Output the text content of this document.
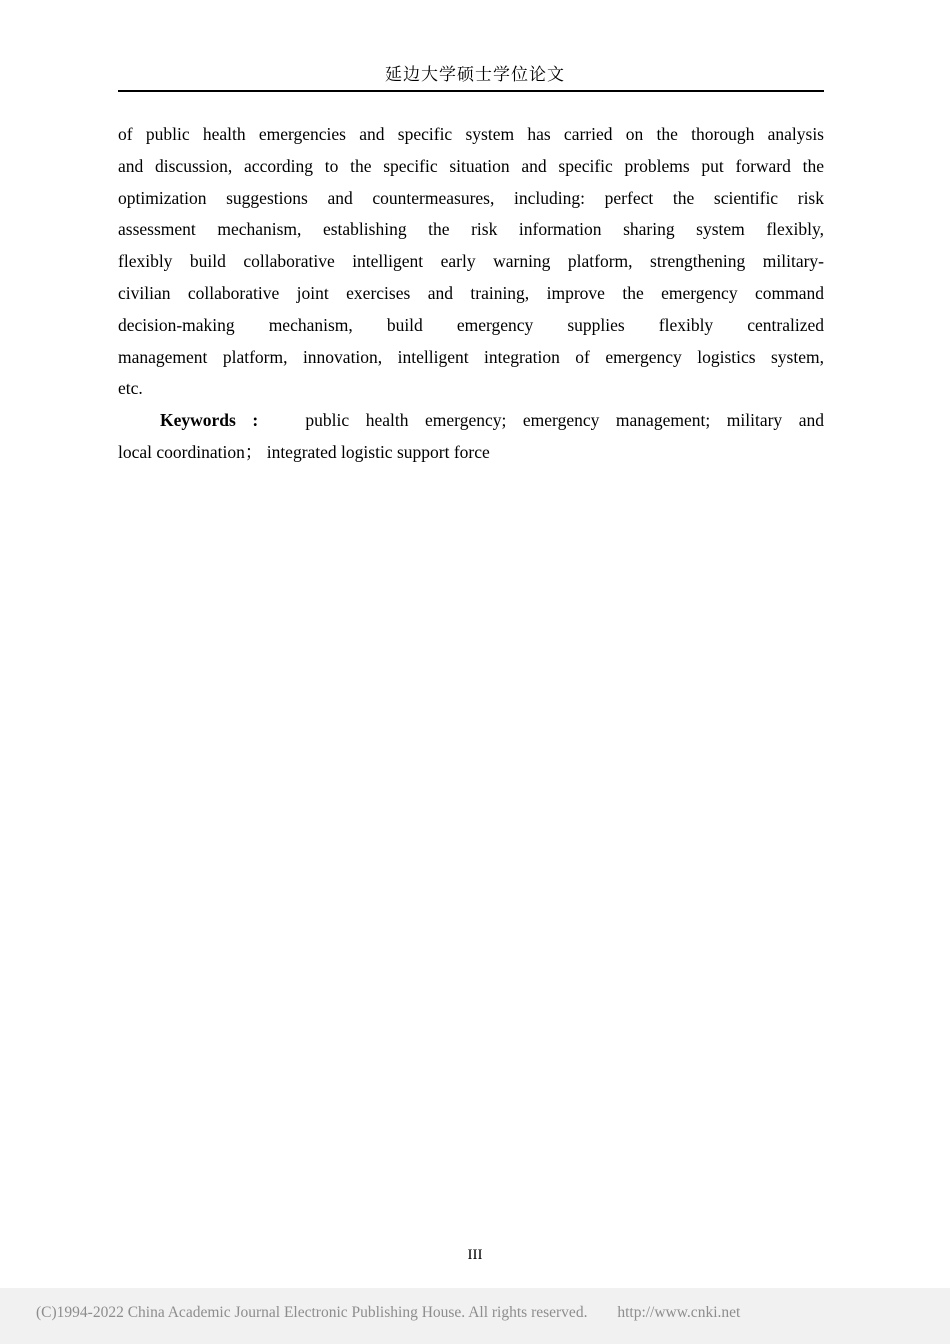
延边大学硕士学位论文
of public health emergencies and specific system has carried on the thorough analysis
and discussion, according to the specific situation and specific problems put forward the
optimization suggestions and countermeasures, including: perfect the scientific risk
assessment mechanism, establishing the risk information sharing system flexibly,
flexibly build collaborative intelligent early warning platform, strengthening military-
civilian collaborative joint exercises and training, improve the emergency command
decision-making mechanism, build emergency supplies flexibly centralized
management platform, innovation, intelligent integration of emergency logistics system,
etc.
Keywords :	public health emergency; emergency management; military and
local coordination； integrated logistic support force
III
(C)1994-2022 China Academic Journal Electronic Publishing House. All rights reserved. http://www.cnki.net
